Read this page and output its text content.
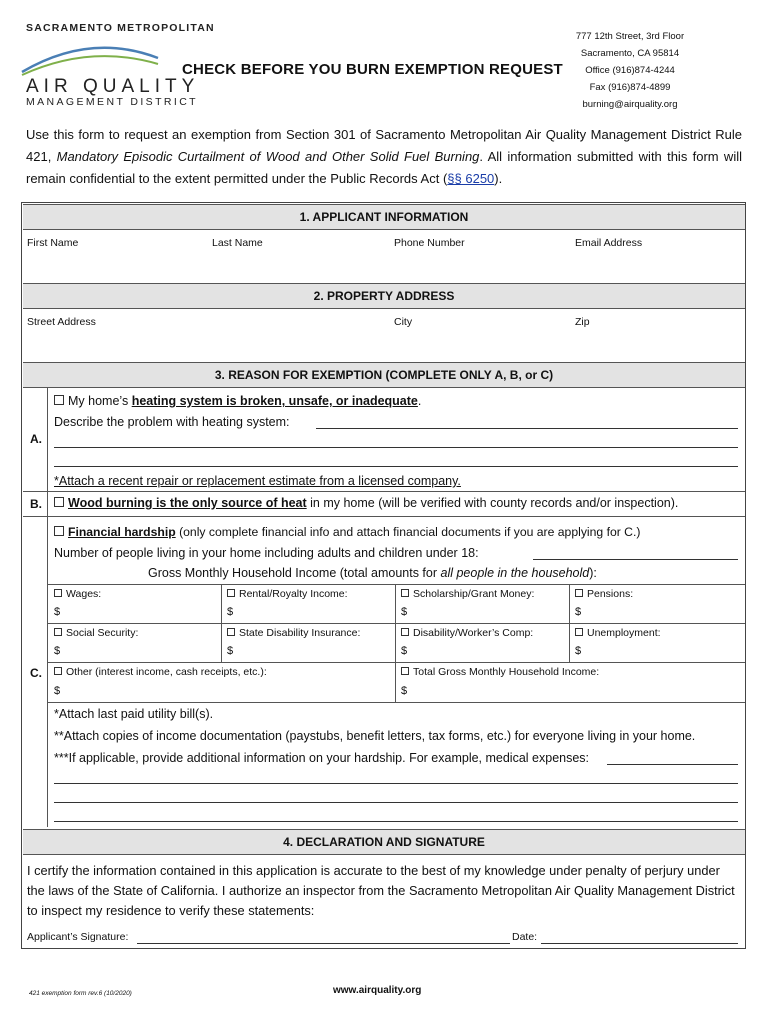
SACRAMENTO METROPOLITAN
AIR QUALITY
MANAGEMENT DISTRICT
CHECK BEFORE YOU BURN EXEMPTION REQUEST
777 12th Street, 3rd Floor
Sacramento, CA 95814
Office (916)874-4244
Fax (916)874-4899
burning@airquality.org
Use this form to request an exemption from Section 301 of Sacramento Metropolitan Air Quality Management District Rule 421, Mandatory Episodic Curtailment of Wood and Other Solid Fuel Burning. All information submitted with this form will remain confidential to the extent permitted under the Public Records Act (§§ 6250).
1. APPLICANT INFORMATION
First Name	Last Name	Phone Number	Email Address
2. PROPERTY ADDRESS
Street Address	City	Zip
3. REASON FOR EXEMPTION (COMPLETE ONLY A, B, or C)
A.
My home’s heating system is broken, unsafe, or inadequate.
Describe the problem with heating system:
*Attach a recent repair or replacement estimate from a licensed company.
B.	Wood burning is the only source of heat in my home (will be verified with county records and/or inspection).
C.
Financial hardship (only complete financial info and attach financial documents if you are applying for C.)
Number of people living in your home including adults and children under 18:
Gross Monthly Household Income (total amounts for all people in the household):
Wages:	Rental/Royalty Income:	Scholarship/Grant Money:	Pensions:
$	$	$	$
Social Security:	State Disability Insurance:	Disability/Worker’s Comp:	Unemployment:
$	$	$	$
Other (interest income, cash receipts, etc.):	Total Gross Monthly Household Income:
$	$
*Attach last paid utility bill(s).
**Attach copies of income documentation (paystubs, benefit letters, tax forms, etc.) for everyone living in your home.
***If applicable, provide additional information on your hardship. For example, medical expenses:
4. DECLARATION AND SIGNATURE
I certify the information contained in this application is accurate to the best of my knowledge under penalty of perjury under the laws of the State of California. I authorize an inspector from the Sacramento Metropolitan Air Quality Management District to inspect my residence to verify these statements:
Applicant’s Signature:	Date:
421 exemption form rev.6 (10/2020)	www.airquality.org
